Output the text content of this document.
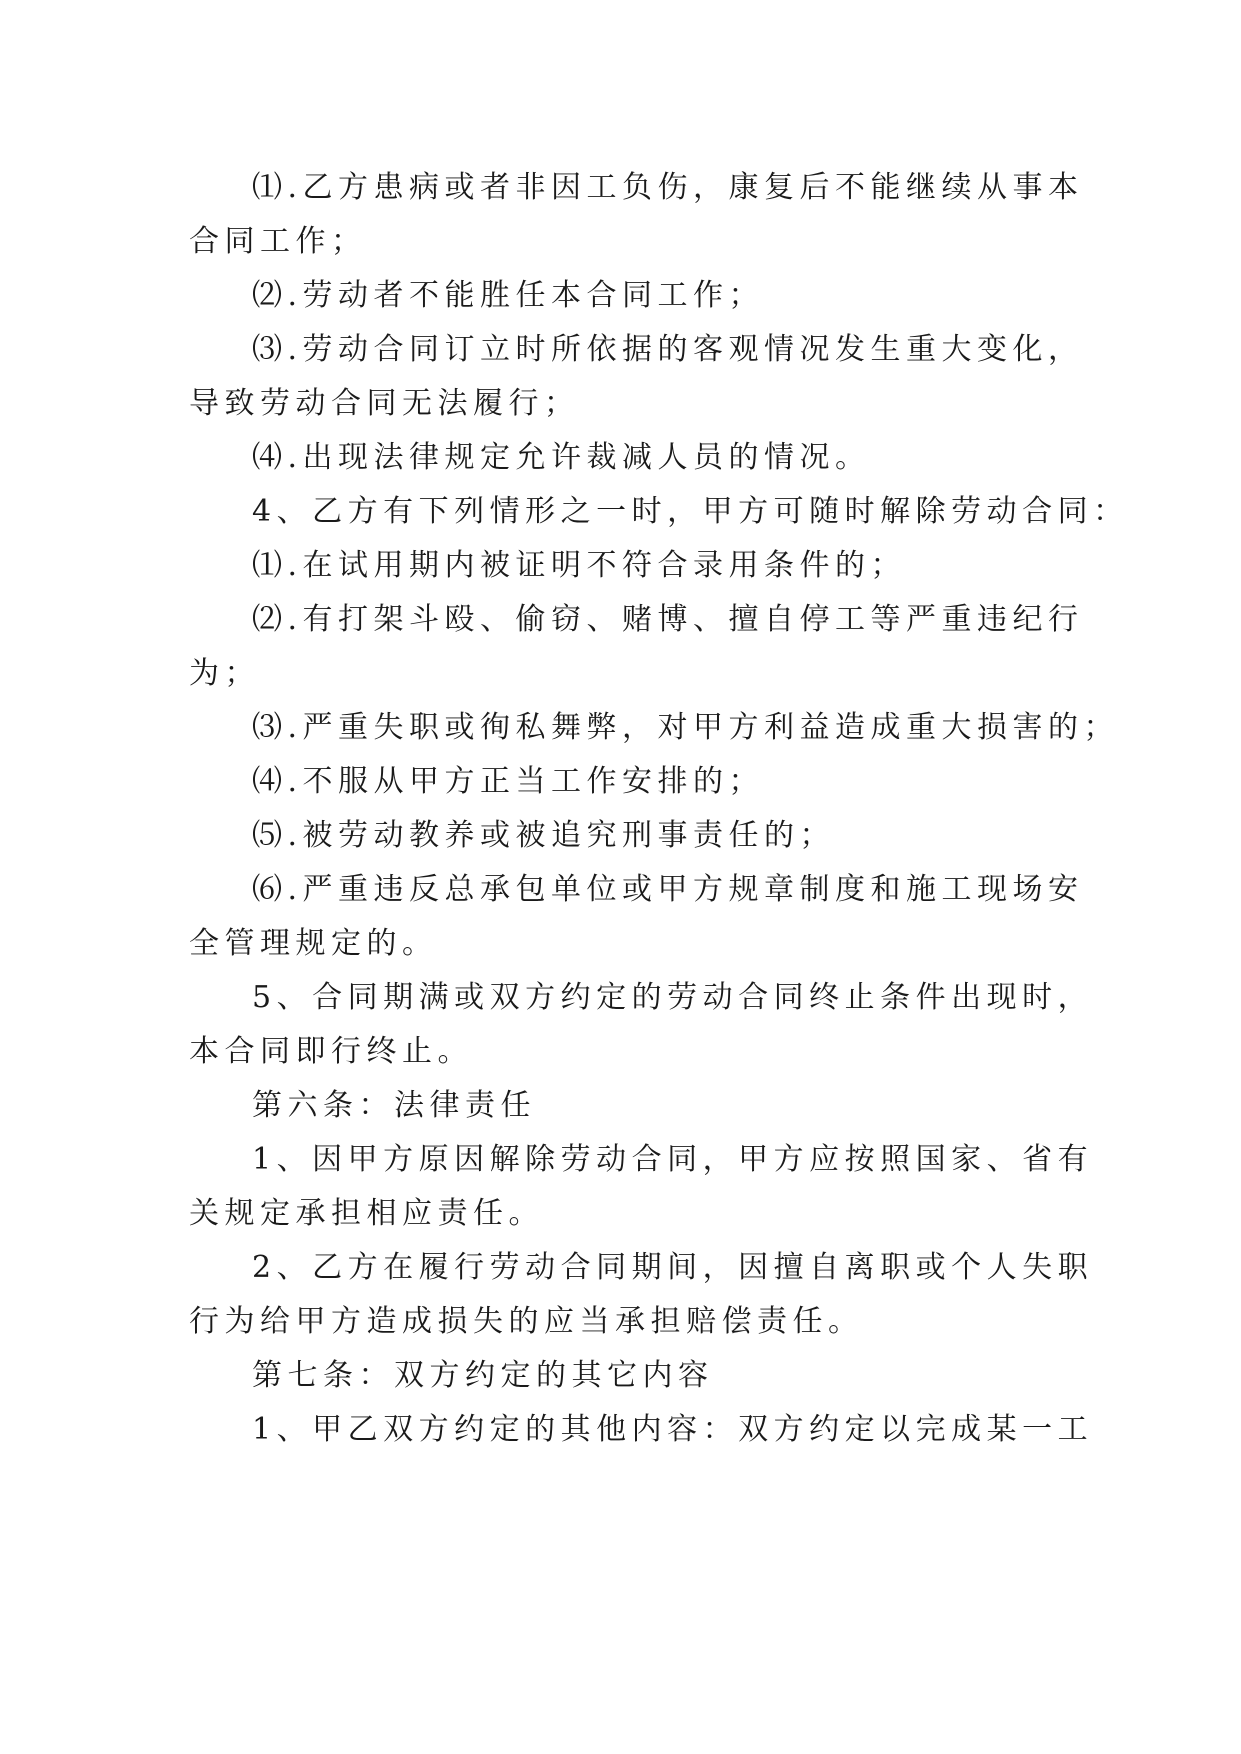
⑴.乙方患病或者非因工负伤，康复后不能继续从事本
合同工作；
⑵.劳动者不能胜任本合同工作；
⑶.劳动合同订立时所依据的客观情况发生重大变化，
导致劳动合同无法履行；
⑷.出现法律规定允许裁减人员的情况。
4、乙方有下列情形之一时，甲方可随时解除劳动合同：
⑴.在试用期内被证明不符合录用条件的；
⑵.有打架斗殴、偷窃、赌博、擅自停工等严重违纪行
为；
⑶.严重失职或徇私舞弊，对甲方利益造成重大损害的；
⑷.不服从甲方正当工作安排的；
⑸.被劳动教养或被追究刑事责任的；
⑹.严重违反总承包单位或甲方规章制度和施工现场安
全管理规定的。
5、合同期满或双方约定的劳动合同终止条件出现时，
本合同即行终止。
第六条：法律责任
1、因甲方原因解除劳动合同，甲方应按照国家、省有
关规定承担相应责任。
2、乙方在履行劳动合同期间，因擅自离职或个人失职
行为给甲方造成损失的应当承担赔偿责任。
第七条：双方约定的其它内容
1、甲乙双方约定的其他内容：双方约定以完成某一工
